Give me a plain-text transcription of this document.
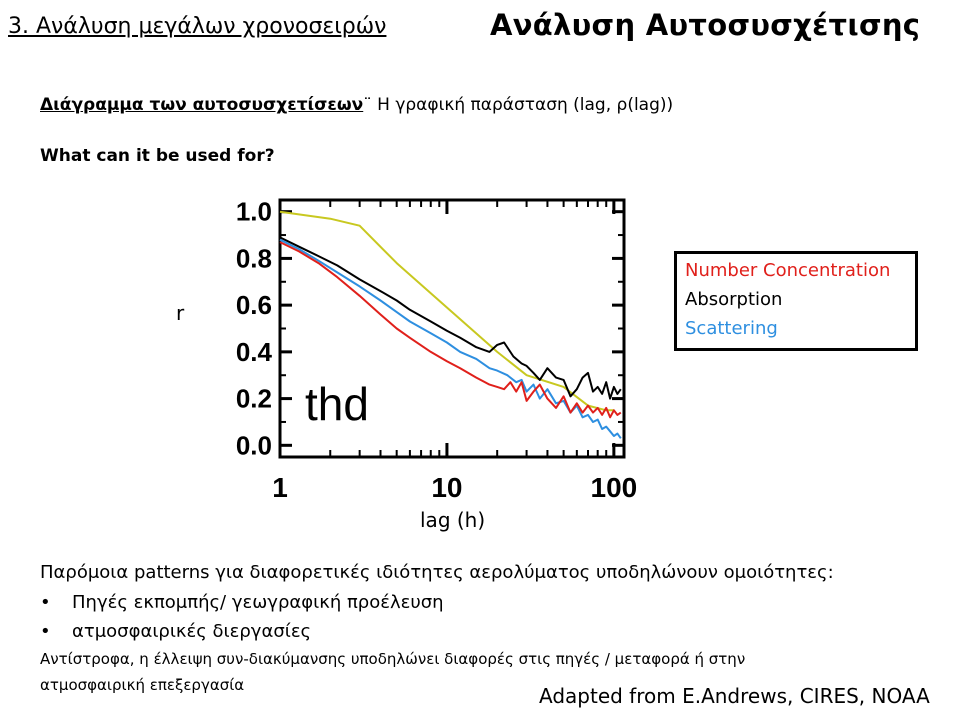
3. Ανάλυση μεγάλων χρονοσειρών	Ανάλυση Αυτοσυσχέτισης
Διάγραμμα των αυτοσυσχετίσεων¨ Η γραφική παράσταση (lag, ρ(lag))
What can it be used for?
0.0
0.2
0.4
0.6
0.8
1.0
1	10	100
thd
r
lag (h)
Number Concentration
Absorption
Scattering
Παρόμοια patterns για διαφορετικές ιδιότητες αερολύματος υποδηλώνουν ομοιότητες:
• Πηγές εκπομπής/ γεωγραφική προέλευση
• ατμοσφαιρικές διεργασίες
Αντίστροφα, η έλλειψη συν-διακύμανσης υποδηλώνει διαφορές στις πηγές / μεταφορά ή στην
ατμοσφαιρική επεξεργασία	Adapted from E.Andrews, CIRES, NOAA
